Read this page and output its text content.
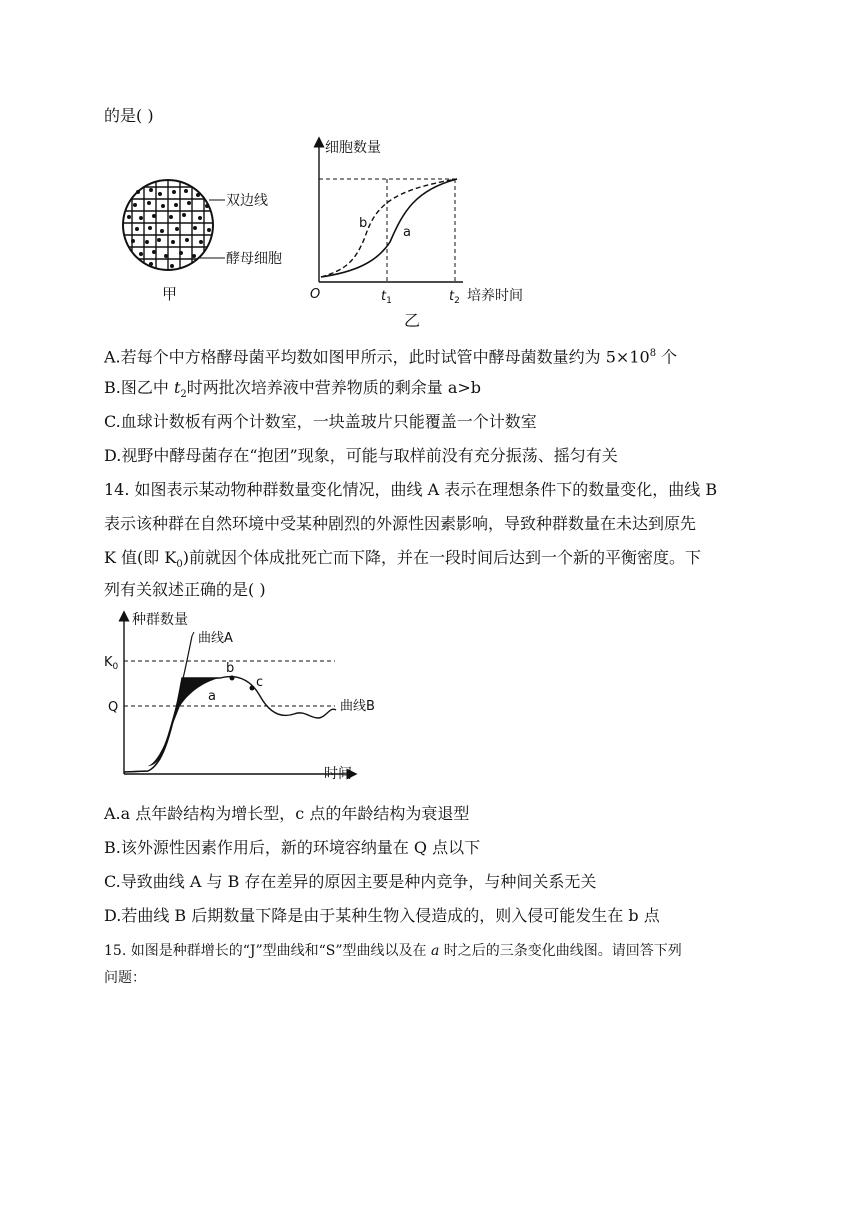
的是( )

双边线
酵母细胞
甲
细胞数量
O	$t_1$	$t_2$ 培养时间
a
b
乙

A.若每个中方格酵母菌平均数如图甲所示，此时试管中酵母菌数量约为 $5\times 10^8$ 个

B.图乙中 $t_2$时两批次培养液中营养物质的剩余量 a>b

C.血球计数板有两个计数室，一块盖玻片只能覆盖一个计数室

D.视野中酵母菌存在“抱团”现象，可能与取样前没有充分振荡、摇匀有关

14. 如图表示某动物种群数量变化情况，曲线 A 表示在理想条件下的数量变化，曲线 B

表示该种群在自然环境中受某种剧烈的外源性因素影响，导致种群数量在未达到原先

K 值(即 $K_0$)前就因个体成批死亡而下降，并在一段时间后达到一个新的平衡密度。下

列有关叙述正确的是( )

种群数量
时间
$K_0$
Q
曲线A
曲线B
a
b
c

A.a 点年龄结构为增长型，c 点的年龄结构为衰退型

B.该外源性因素作用后，新的环境容纳量在 Q 点以下

C.导致曲线 A 与 B 存在差异的原因主要是种内竞争，与种间关系无关

D.若曲线 B 后期数量下降是由于某种生物入侵造成的，则入侵可能发生在 b 点

15. 如图是种群增长的“J”型曲线和“S”型曲线以及在 a 时之后的三条变化曲线图。请回答下列

问题：
